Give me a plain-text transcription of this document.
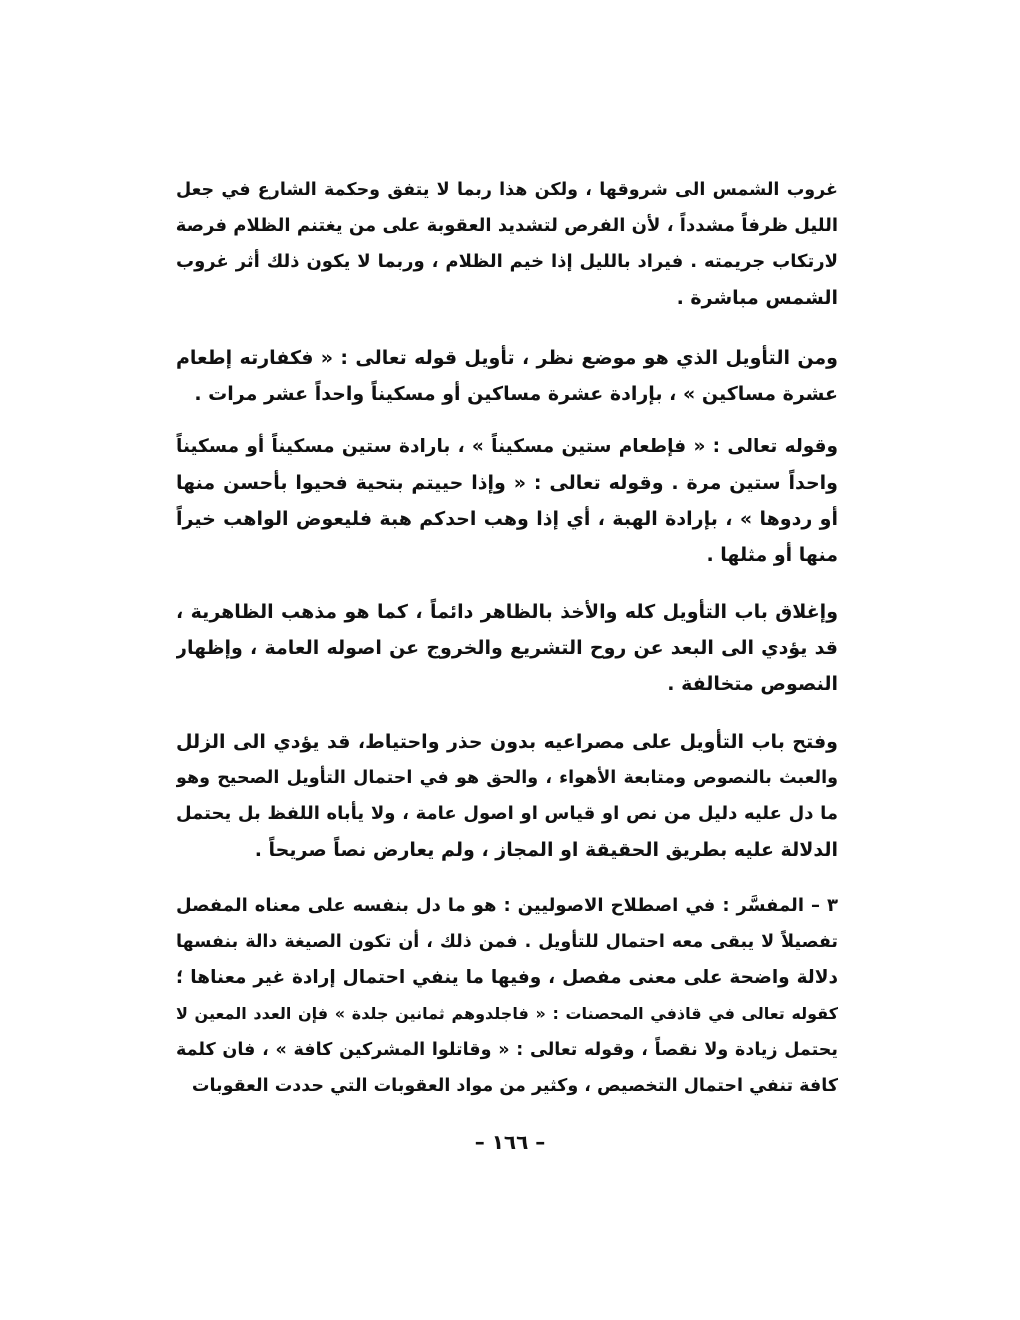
غروب الشمس الى شروقها ، ولكن هذا ربما لا يتفق وحكمة الشارع في جعل
الليل ظرفاً مشدداً ، لأن الفرص لتشديد العقوبة على من يغتنم الظلام فرصة
لارتكاب جريمته . فيراد بالليل إذا خيم الظلام ، وربما لا يكون ذلك أثر غروب
الشمس مباشرة .
ومن التأويل الذي هو موضع نظر ، تأويل قوله تعالى : « فكفارته إطعام
عشرة مساكين » ، بإرادة عشرة مساكين أو مسكيناً واحداً عشر مرات .
وقوله تعالى : « فإطعام ستين مسكيناً » ، بارادة ستين مسكيناً أو مسكيناً
واحداً ستين مرة . وقوله تعالى : « وإذا حييتم بتحية فحيوا بأحسن منها
أو ردوها » ، بإرادة الهبة ، أي إذا وهب احدكم هبة فليعوض الواهب خيراً
منها أو مثلها .
وإغلاق باب التأويل كله والأخذ بالظاهر دائماً ، كما هو مذهب الظاهرية ،
قد يؤدي الى البعد عن روح التشريع والخروج عن اصوله العامة ، وإظهار
النصوص متخالفة .
وفتح باب التأويل على مصراعيه بدون حذر واحتياط، قد يؤدي الى الزلل
والعبث بالنصوص ومتابعة الأهواء ، والحق هو في احتمال التأويل الصحيح وهو
ما دل عليه دليل من نص او قياس او اصول عامة ، ولا يأباه اللفظ بل يحتمل
الدلالة عليه بطريق الحقيقة او المجاز ، ولم يعارض نصاً صريحاً .
٣ – المفسَّر : في اصطلاح الاصوليين : هو ما دل بنفسه على معناه المفصل
تفصيلاً لا يبقى معه احتمال للتأويل . فمن ذلك ، أن تكون الصيغة دالة بنفسها
دلالة واضحة على معنى مفصل ، وفيها ما ينفي احتمال إرادة غير معناها ؛
كقوله تعالى في قاذفي المحصنات : « فاجلدوهم ثمانين جلدة » فإن العدد المعين لا
يحتمل زيادة ولا نقصاً ، وقوله تعالى : « وقاتلوا المشركين كافة » ، فان كلمة
كافة تنفي احتمال التخصيص ، وكثير من مواد العقوبات التي حددت العقوبات
– ١٦٦ –
